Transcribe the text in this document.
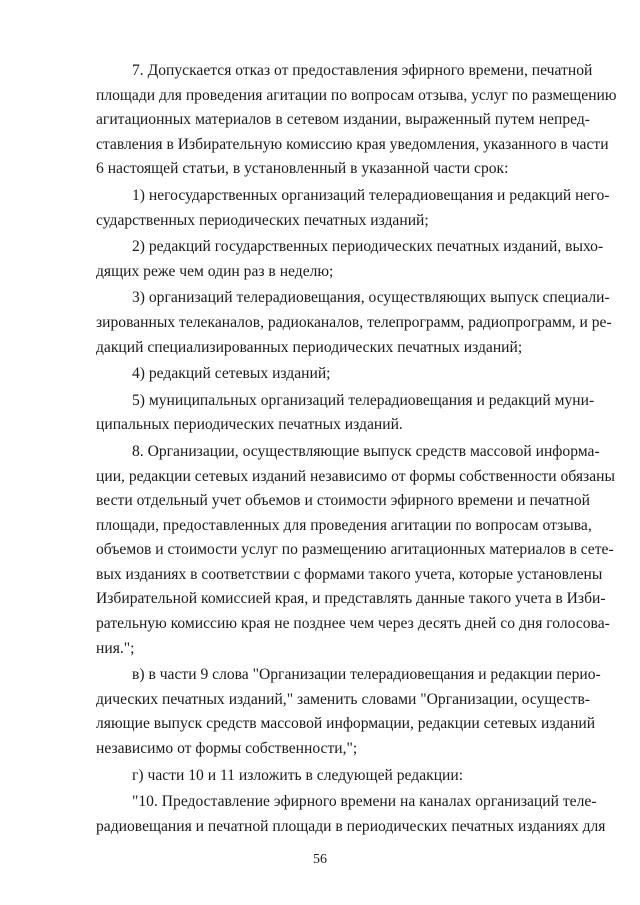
7. Допускается отказ от предоставления эфирного времени, печатной
площади для проведения агитации по вопросам отзыва, услуг по размещению
агитационных материалов в сетевом издании, выраженный путем непред-
ставления в Избирательную комиссию края уведомления, указанного в части
6 настоящей статьи, в установленный в указанной части срок:
1) негосударственных организаций телерадиовещания и редакций него-
сударственных периодических печатных изданий;
2) редакций государственных периодических печатных изданий, выхо-
дящих реже чем один раз в неделю;
3) организаций телерадиовещания, осуществляющих выпуск специали-
зированных телеканалов, радиоканалов, телепрограмм, радиопрограмм, и ре-
дакций специализированных периодических печатных изданий;
4) редакций сетевых изданий;
5) муниципальных организаций телерадиовещания и редакций муни-
ципальных периодических печатных изданий.
8. Организации, осуществляющие выпуск средств массовой информа-
ции, редакции сетевых изданий независимо от формы собственности обязаны
вести отдельный учет объемов и стоимости эфирного времени и печатной
площади, предоставленных для проведения агитации по вопросам отзыва,
объемов и стоимости услуг по размещению агитационных материалов в сете-
вых изданиях в соответствии с формами такого учета, которые установлены
Избирательной комиссией края, и представлять данные такого учета в Изби-
рательную комиссию края не позднее чем через десять дней со дня голосова-
ния.";
в) в части 9 слова "Организации телерадиовещания и редакции перио-
дических печатных изданий," заменить словами "Организации, осуществ-
ляющие выпуск средств массовой информации, редакции сетевых изданий
независимо от формы собственности,";
г) части 10 и 11 изложить в следующей редакции:
"10. Предоставление эфирного времени на каналах организаций теле-
радиовещания и печатной площади в периодических печатных изданиях для
56
